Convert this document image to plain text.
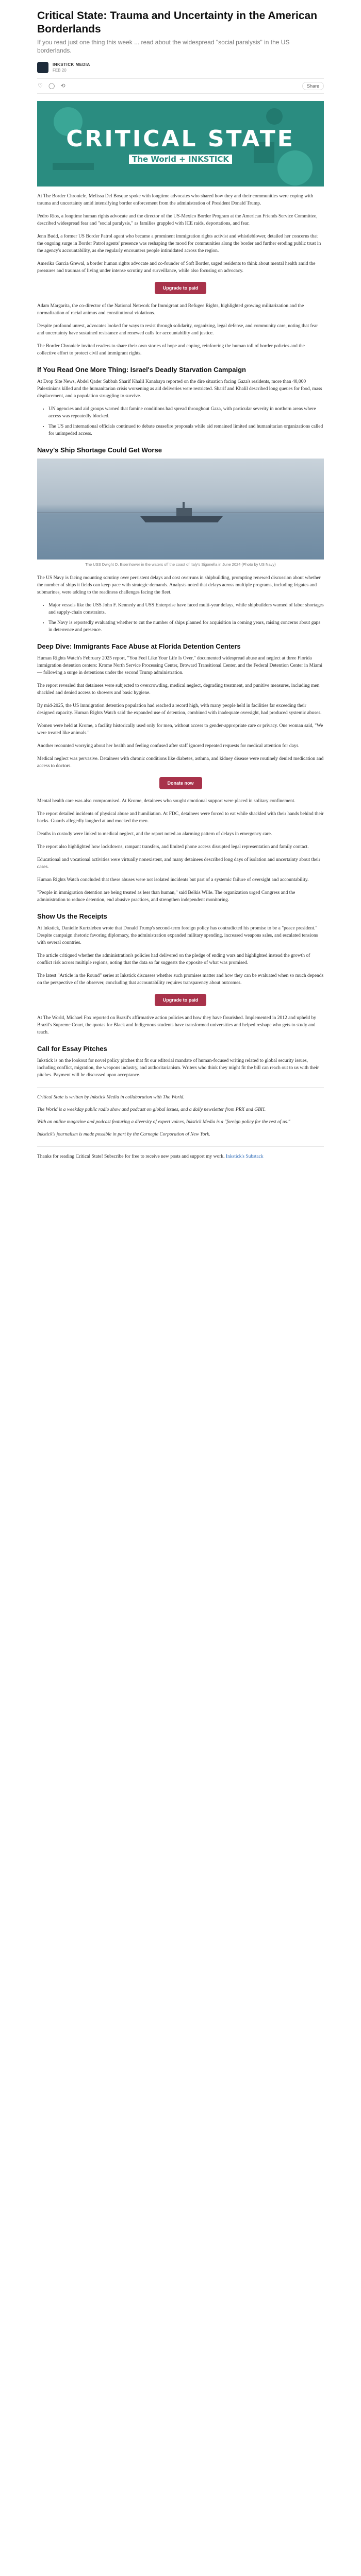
Critical State: Trauma and Uncertainty in the American Borderlands
If you read just one thing this week ... read about the widespread "social paralysis" in the US borderlands.
INKSTICK MEDIA
FEB 20
♡ ◯ ⟲	Share
CRITICAL STATE
The World + INKSTICK

At The Border Chronicle, Melissa Del Bosque spoke with longtime advocates who shared how they and their communities were coping with trauma and uncertainty amid intensifying border enforcement from the administration of President Donald Trump.

Pedro Rios, a longtime human rights advocate and the director of the US-Mexico Border Program at the American Friends Service Committee, described widespread fear and "social paralysis," as families grappled with ICE raids, deportations, and fear.

Jenn Budd, a former US Border Patrol agent who became a prominent immigration rights activist and whistleblower, detailed her concerns that the ongoing surge in Border Patrol agents' presence was reshaping the mood for communities along the border and further eroding public trust in the agency's accountability, as she regularly encounters people intimidated across the region.

Amerika Garcia Grewal, a border human rights advocate and co-founder of Soft Border, urged residents to think about mental health amid the pressures and traumas of living under intense scrutiny and surveillance, while also focusing on advocacy.

Upgrade to paid

Adam Margarita, the co-director of the National Network for Immigrant and Refugee Rights, highlighted growing militarization and the normalization of racial animus and constitutional violations.

Despite profound unrest, advocates looked for ways to resist through solidarity, organizing, legal defense, and community care, noting that fear and uncertainty have sustained resistance and renewed calls for accountability and justice.

The Border Chronicle invited readers to share their own stories of hope and coping, reinforcing the human toll of border policies and the collective effort to protect civil and immigrant rights.

If You Read One More Thing: Israel's Deadly Starvation Campaign

At Drop Site News, Abdel Qader Sabbah Sharif Khalil Kanabaya reported on the dire situation facing Gaza's residents, more than 40,000 Palestinians killed and the humanitarian crisis worsening as aid deliveries were restricted. Sharif and Khalil described long queues for food, mass displacement, and a population struggling to survive.

• UN agencies and aid groups warned that famine conditions had spread throughout Gaza, with particular severity in northern areas where access was repeatedly blocked.
• The US and international officials continued to debate ceasefire proposals while aid remained limited and humanitarian organizations called for unimpeded access.
Navy's Ship Shortage Could Get Worse
The USS Dwight D. Eisenhower in the waters off the coast of Italy's Sigonella in June 2024 (Photo by US Navy)

The US Navy is facing mounting scrutiny over persistent delays and cost overruns in shipbuilding, prompting renewed discussion about whether the number of ships it fields can keep pace with strategic demands. Analysts noted that delays across multiple programs, including frigates and submarines, were adding to the readiness challenges facing the fleet.

• Major vessels like the USS John F. Kennedy and USS Enterprise have faced multi-year delays, while shipbuilders warned of labor shortages and supply-chain constraints.
• The Navy is reportedly evaluating whether to cut the number of ships planned for acquisition in coming years, raising concerns about gaps in deterrence and presence.
Deep Dive: Immigrants Face Abuse at Florida Detention Centers

Human Rights Watch's February 2025 report, "You Feel Like Your Life Is Over," documented widespread abuse and neglect at three Florida immigration detention centers: Krome North Service Processing Center, Broward Transitional Center, and the Federal Detention Center in Miami — following a surge in detentions under the second Trump administration.

The report revealed that detainees were subjected to overcrowding, medical neglect, degrading treatment, and punitive measures, including men shackled and denied access to showers and basic hygiene.

By mid-2025, the US immigration detention population had reached a record high, with many people held in facilities far exceeding their designed capacity. Human Rights Watch said the expanded use of detention, combined with inadequate oversight, had produced systemic abuses.

Women were held at Krome, a facility historically used only for men, without access to gender-appropriate care or privacy. One woman said, "We were treated like animals."

Another recounted worrying about her health and feeling confused after staff ignored repeated requests for medical attention for days.

Medical neglect was pervasive. Detainees with chronic conditions like diabetes, asthma, and kidney disease were routinely denied medication and access to doctors.

Donate now

Mental health care was also compromised. At Krome, detainees who sought emotional support were placed in solitary confinement.

The report detailed incidents of physical abuse and humiliation. At FDC, detainees were forced to eat while shackled with their hands behind their backs. Guards allegedly laughed at and mocked the men.

Deaths in custody were linked to medical neglect, and the report noted an alarming pattern of delays in emergency care.

The report also highlighted how lockdowns, rampant transfers, and limited phone access disrupted legal representation and family contact.

Educational and vocational activities were virtually nonexistent, and many detainees described long days of isolation and uncertainty about their cases.

Human Rights Watch concluded that these abuses were not isolated incidents but part of a systemic failure of oversight and accountability.

"People in immigration detention are being treated as less than human," said Belkis Wille. The organization urged Congress and the administration to reduce detention, end abusive practices, and strengthen independent monitoring.

Show Us the Receipts

At Inkstick, Danielle Kurtzleben wrote that Donald Trump's second-term foreign policy has contradicted his promise to be a "peace president." Despite campaign rhetoric favoring diplomacy, the administration expanded military spending, increased weapons sales, and escalated tensions with several countries.

The article critiqued whether the administration's policies had delivered on the pledge of ending wars and highlighted instead the growth of conflict risk across multiple regions, noting that the data so far suggests the opposite of what was promised.

The latest "Article in the Round" series at Inkstick discusses whether such promises matter and how they can be evaluated when so much depends on the perspective of the observer, concluding that accountability requires transparency about outcomes.

Upgrade to paid

At The World, Michael Fox reported on Brazil's affirmative action policies and how they have flourished. Implemented in 2012 and upheld by Brazil's Supreme Court, the quotas for Black and Indigenous students have transformed universities and helped reshape who gets to study and teach.

Call for Essay Pitches

Inkstick is on the lookout for novel policy pitches that fit our editorial mandate of human-focused writing related to global security issues, including conflict, migration, the weapons industry, and authoritarianism. Writers who think they might fit the bill can reach out to us with their pitches. Payment will be discussed upon acceptance.

Critical State is written by Inkstick Media in collaboration with The World.

The World is a weekday public radio show and podcast on global issues, and a daily newsletter from PRX and GBH.

With an online magazine and podcast featuring a diversity of expert voices, Inkstick Media is a "foreign policy for the rest of us."

Inkstick's journalism is made possible in part by the Carnegie Corporation of New York.

Thanks for reading Critical State! Subscribe for free to receive new posts and support my work. Inkstick's Substack
